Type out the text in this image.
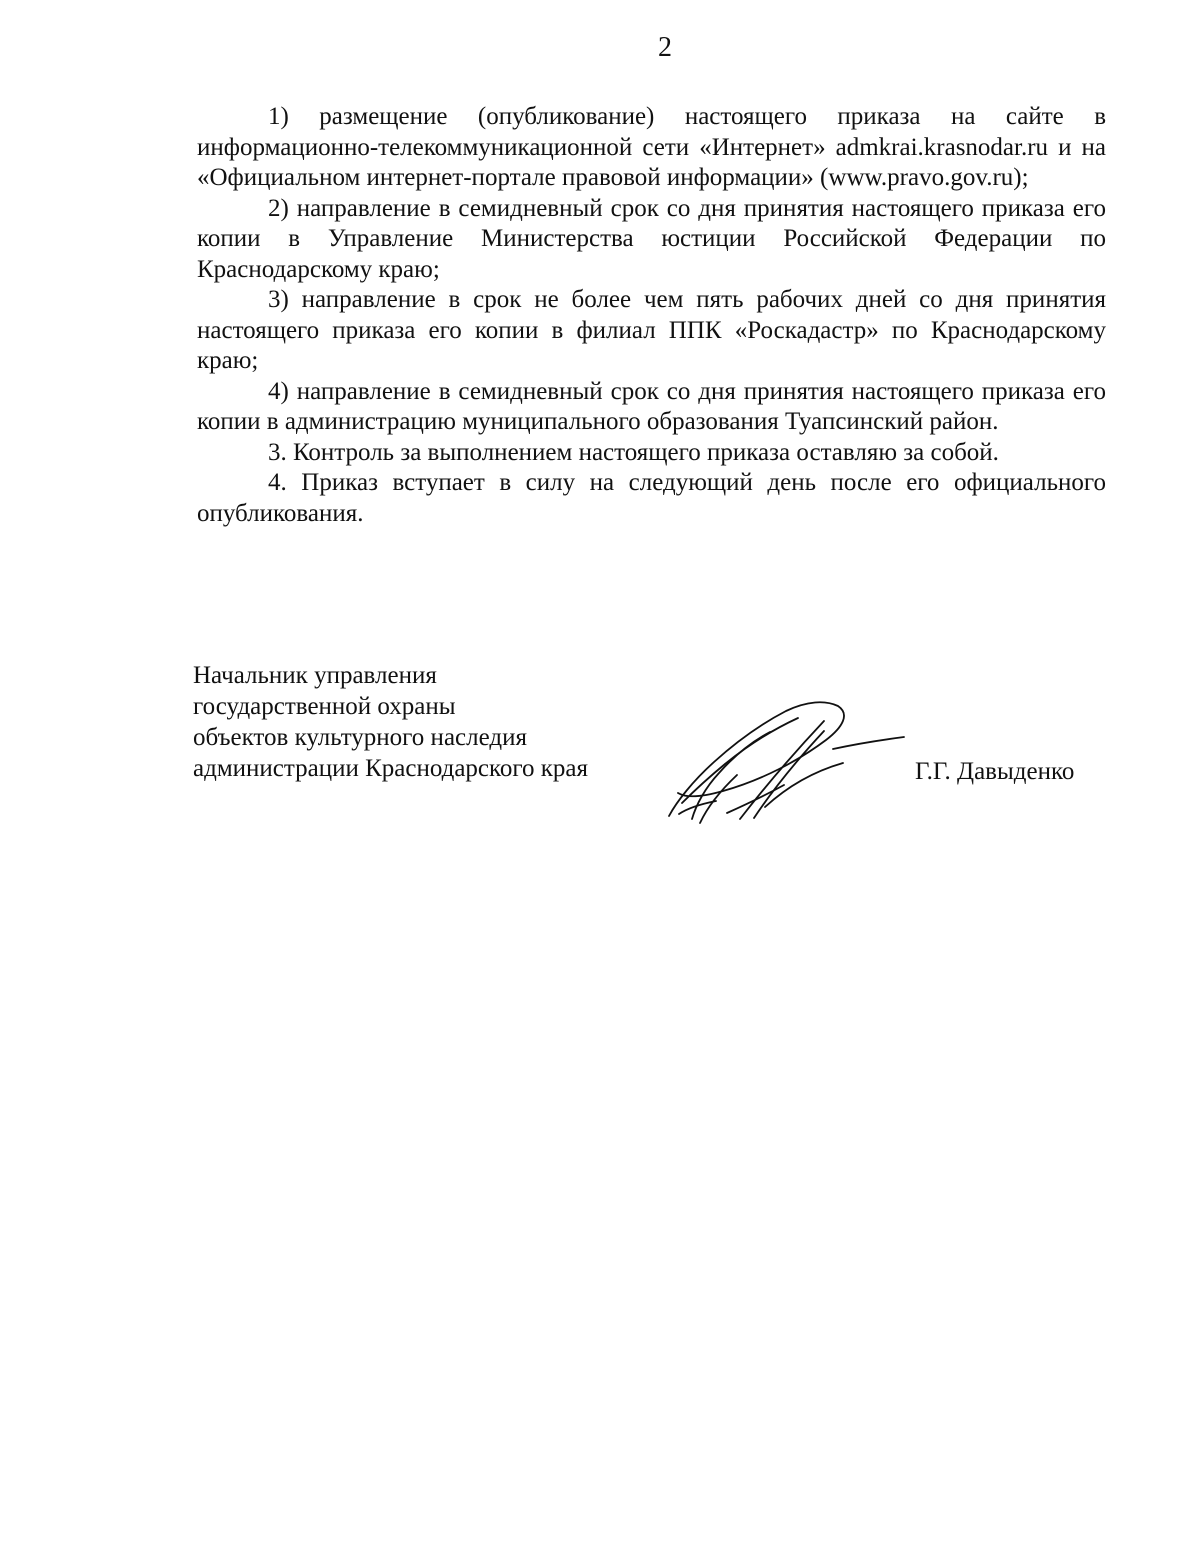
2

1) размещение (опубликование) настоящего приказа на сайте в информационно-телекоммуникационной сети «Интернет» admkrai.krasnodar.ru и на «Официальном интернет-портале правовой информации» (www.pravo.gov.ru);

2) направление в семидневный срок со дня принятия настоящего приказа его копии в Управление Министерства юстиции Российской Федерации по Краснодарскому краю;

3) направление в срок не более чем пять рабочих дней со дня принятия настоящего приказа его копии в филиал ППК «Роскадастр» по Краснодарскому краю;

4) направление в семидневный срок со дня принятия настоящего приказа его копии в администрацию муниципального образования Туапсинский район.

3. Контроль за выполнением настоящего приказа оставляю за собой.

4. Приказ вступает в силу на следующий день после его официального опубликования.

Начальник управления
государственной охраны
объектов культурного наследия
администрации Краснодарского края	Г.Г. Давыденко
